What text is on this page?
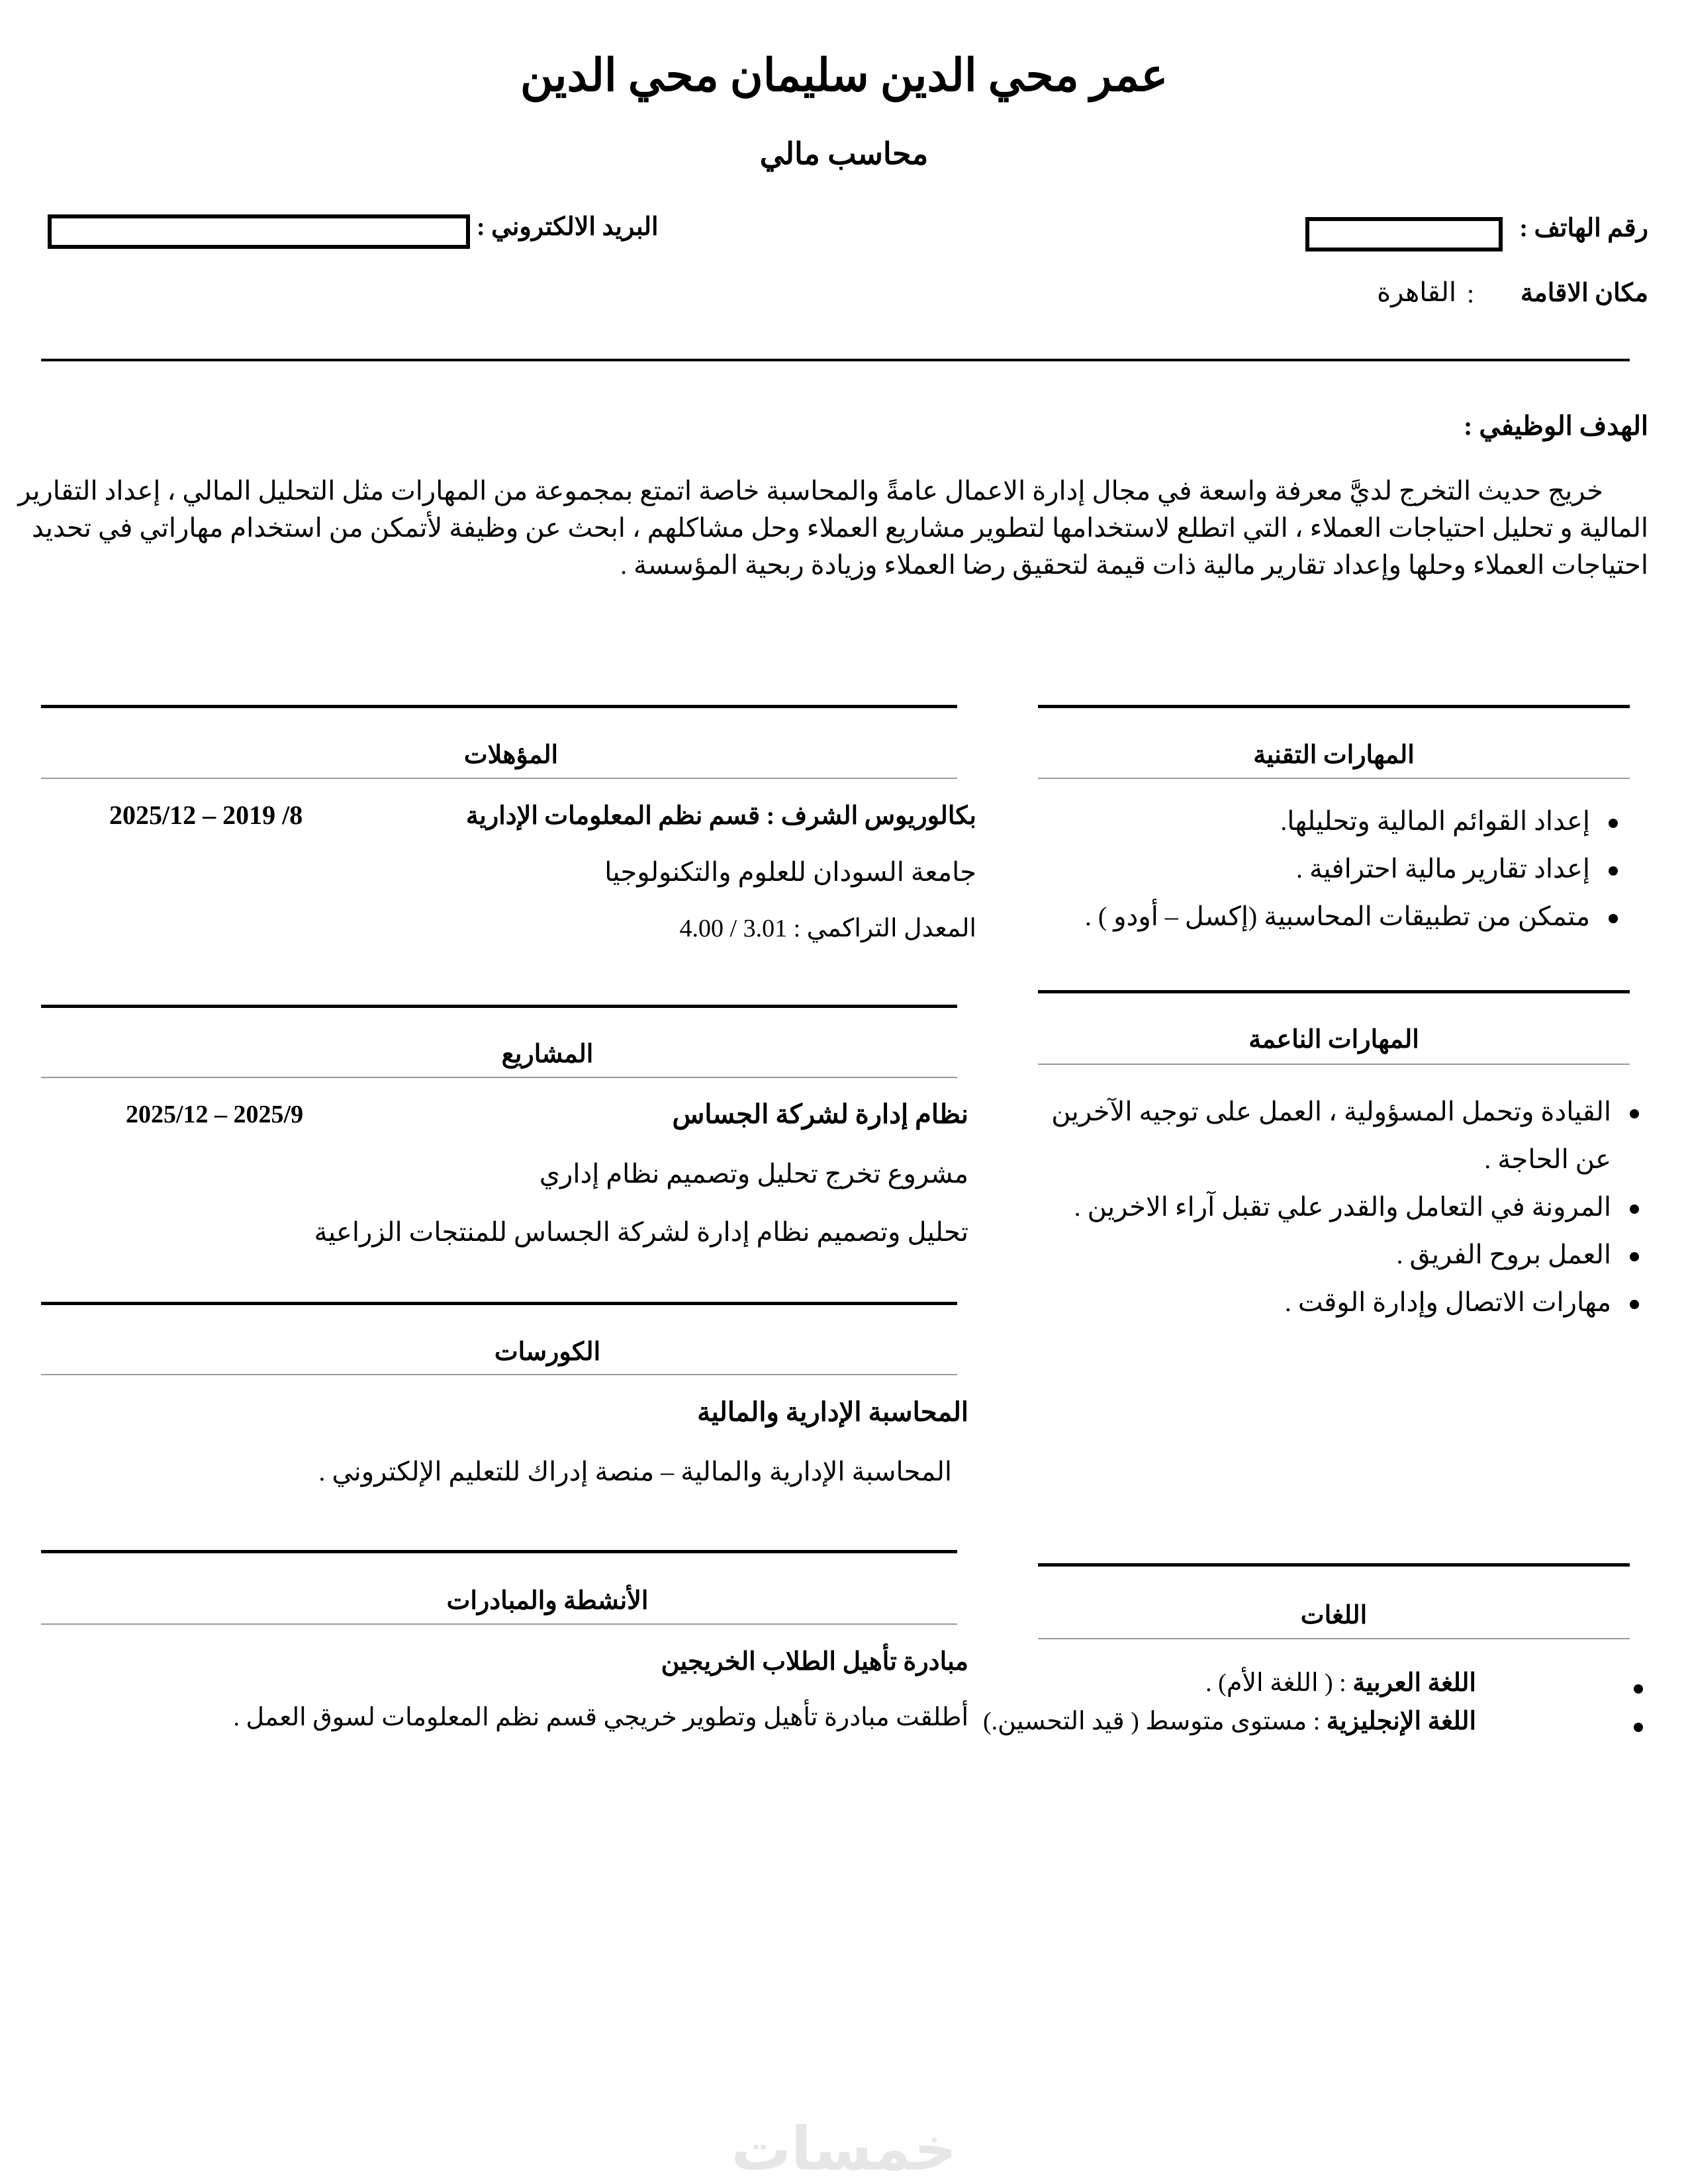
عمر محي الدين سليمان محي الدين
محاسب مالي
رقم الهاتف :
البريد الالكتروني :
مكان الاقامة
:
القاهرة
الهدف الوظيفي :
خريج حديث التخرج لديَّ معرفة واسعة في مجال إدارة الاعمال عامةً والمحاسبة خاصة اتمتع بمجموعة من المهارات مثل التحليل المالي ، إعداد التقارير
المالية و تحليل احتياجات العملاء ، التي اتطلع لاستخدامها لتطوير مشاريع العملاء وحل مشاكلهم ، ابحث عن وظيفة لأتمكن من استخدام مهاراتي في تحديد
احتياجات العملاء وحلها وإعداد تقارير مالية ذات قيمة لتحقيق رضا العملاء وزيادة ربحية المؤسسة .
المهارات التقنية
إعداد القوائم المالية وتحليلها.
إعداد تقارير مالية احترافية .
متمكن من تطبيقات المحاسبية (إكسل – أودو ) .
المهارات الناعمة
القيادة وتحمل المسؤولية ، العمل على توجيه الآخرين عن الحاجة .
المرونة في التعامل والقدر علي تقبل آراء الاخرين .
العمل بروح الفريق .
مهارات الاتصال وإدارة الوقت .
اللغات
اللغة العربية : ( اللغة الأم) .
اللغة الإنجليزية : مستوى متوسط ( قيد التحسين.)
المؤهلات
بكالوريوس الشرف : قسم نظم المعلومات الإدارية
2025/12 – 2019 /8
جامعة السودان للعلوم والتكنولوجيا
المعدل التراكمي : 3.01 / 4.00
المشاريع
نظام إدارة لشركة الجساس
2025/12 – 2025/9
مشروع تخرج تحليل وتصميم نظام إداري
تحليل وتصميم نظام إدارة لشركة الجساس للمنتجات الزراعية
الكورسات
المحاسبة الإدارية والمالية
المحاسبة الإدارية والمالية – منصة إدراك للتعليم الإلكتروني .
الأنشطة والمبادرات
مبادرة تأهيل الطلاب الخريجين
أطلقت مبادرة تأهيل وتطوير خريجي قسم نظم المعلومات لسوق العمل .
خمسات
